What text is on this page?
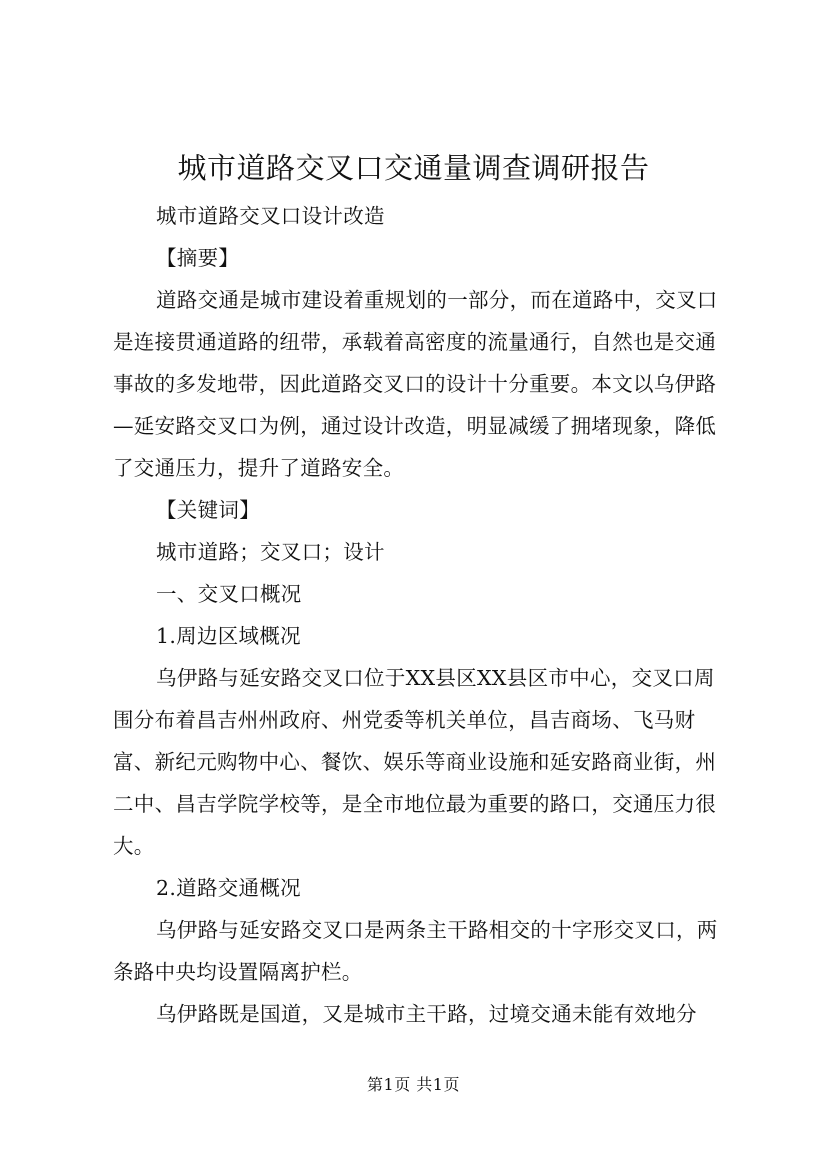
城市道路交叉口交通量调查调研报告

城市道路交叉口设计改造

【摘要】

道路交通是城市建设着重规划的一部分，而在道路中，交叉口是连接贯通道路的纽带，承载着高密度的流量通行，自然也是交通事故的多发地带，因此道路交叉口的设计十分重要。本文以乌伊路—延安路交叉口为例，通过设计改造，明显减缓了拥堵现象，降低了交通压力，提升了道路安全。

【关键词】

城市道路；交叉口；设计

一、交叉口概况

1.周边区域概况

乌伊路与延安路交叉口位于XX县区XX县区市中心，交叉口周围分布着昌吉州州政府、州党委等机关单位，昌吉商场、飞马财富、新纪元购物中心、餐饮、娱乐等商业设施和延安路商业街，州二中、昌吉学院学校等，是全市地位最为重要的路口，交通压力很大。

2.道路交通概况

乌伊路与延安路交叉口是两条主干路相交的十字形交叉口，两条路中央均设置隔离护栏。

乌伊路既是国道，又是城市主干路，过境交通未能有效地分

第1页 共1页
